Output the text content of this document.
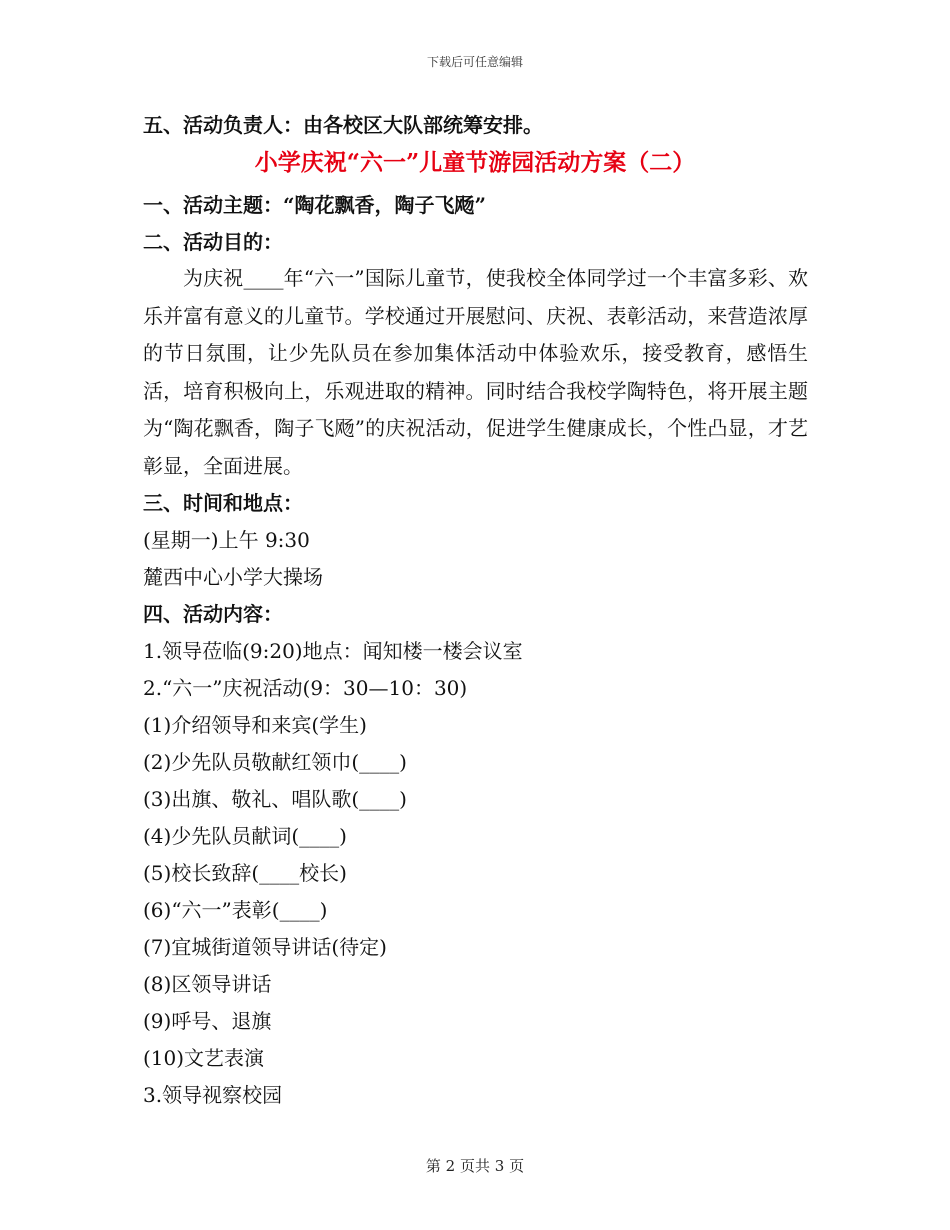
下载后可任意编辑
五、活动负责人：由各校区大队部统筹安排。
小学庆祝“六一”儿童节游园活动方案（二）
一、活动主题：“陶花飘香，陶子飞飏”
二、活动目的：

为庆祝____年“六一”国际儿童节，使我校全体同学过一个丰富多彩、欢乐并富有意义的儿童节。学校通过开展慰问、庆祝、表彰活动，来营造浓厚的节日氛围，让少先队员在参加集体活动中体验欢乐，接受教育，感悟生活，培育积极向上，乐观进取的精神。同时结合我校学陶特色，将开展主题为“陶花飘香，陶子飞飏”的庆祝活动，促进学生健康成长，个性凸显，才艺彰显，全面进展。

三、时间和地点：
(星期一)上午 9:30
麓西中心小学大操场
四、活动内容：
1.领导莅临(9:20)地点：闻知楼一楼会议室
2.“六一”庆祝活动(9：30—10：30)
(1)介绍领导和来宾(学生)
(2)少先队员敬献红领巾(____)
(3)出旗、敬礼、唱队歌(____)
(4)少先队员献词(____)
(5)校长致辞(____校长)
(6)“六一”表彰(____)
(7)宜城街道领导讲话(待定)
(8)区领导讲话
(9)呼号、退旗
(10)文艺表演
3.领导视察校园
第 2 页共 3 页
